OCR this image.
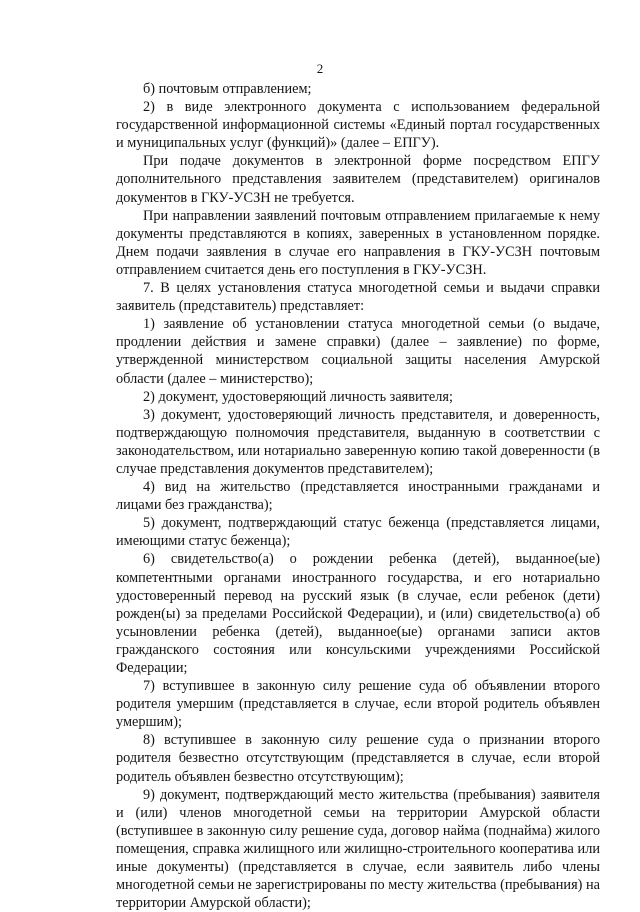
2

б) почтовым отправлением;

2) в виде электронного документа с использованием федеральной государственной информационной системы «Единый портал государственных и муниципальных услуг (функций)» (далее – ЕПГУ).

При подаче документов в электронной форме посредством ЕПГУ дополнительного представления заявителем (представителем) оригиналов документов в ГКУ-УСЗН не требуется.

При направлении заявлений почтовым отправлением прилагаемые к нему документы представляются в копиях, заверенных в установленном порядке. Днем подачи заявления в случае его направления в ГКУ-УСЗН почтовым отправлением считается день его поступления в ГКУ-УСЗН.

7. В целях установления статуса многодетной семьи и выдачи справки заявитель (представитель) представляет:

1) заявление об установлении статуса многодетной семьи (о выдаче, продлении действия и замене справки) (далее – заявление) по форме, утвержденной министерством социальной защиты населения Амурской области (далее – министерство);

2) документ, удостоверяющий личность заявителя;

3) документ, удостоверяющий личность представителя, и доверенность, подтверждающую полномочия представителя, выданную в соответствии с законодательством, или нотариально заверенную копию такой доверенности (в случае представления документов представителем);

4) вид на жительство (представляется иностранными гражданами и лицами без гражданства);

5) документ, подтверждающий статус беженца (представляется лицами, имеющими статус беженца);

6) свидетельство(а) о рождении ребенка (детей), выданное(ые) компетентными органами иностранного государства, и его нотариально удостоверенный перевод на русский язык (в случае, если ребенок (дети) рожден(ы) за пределами Российской Федерации), и (или) свидетельство(а) об усыновлении ребенка (детей), выданное(ые) органами записи актов гражданского состояния или консульскими учреждениями Российской Федерации;

7) вступившее в законную силу решение суда об объявлении второго родителя умершим (представляется в случае, если второй родитель объявлен умершим);

8) вступившее в законную силу решение суда о признании второго родителя безвестно отсутствующим (представляется в случае, если второй родитель объявлен безвестно отсутствующим);

9) документ, подтверждающий место жительства (пребывания) заявителя и (или) членов многодетной семьи на территории Амурской области (вступившее в законную силу решение суда, договор найма (поднайма) жилого помещения, справка жилищного или жилищно-строительного кооператива или иные документы) (представляется в случае, если заявитель либо члены многодетной семьи не зарегистрированы по месту жительства (пребывания) на территории Амурской области);
